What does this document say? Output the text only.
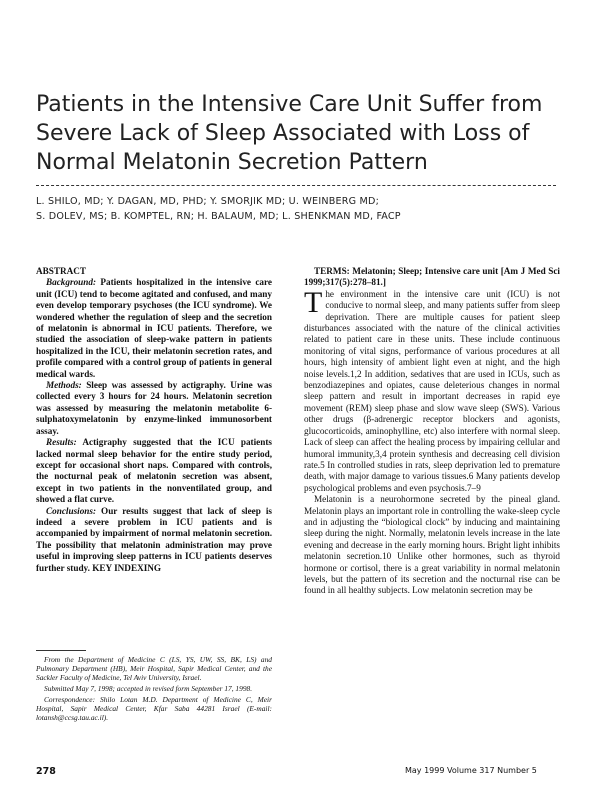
Patients in the Intensive Care Unit Suffer from Severe Lack of Sleep Associated with Loss of Normal Melatonin Secretion Pattern
L. SHILO, MD; Y. DAGAN, MD, PHD; Y. SMORJIK MD; U. WEINBERG MD;
S. DOLEV, MS; B. KOMPTEL, RN; H. BALAUM, MD; L. SHENKMAN MD, FACP

ABSTRACT

Background: Patients hospitalized in the intensive care unit (ICU) tend to become agitated and confused, and many even develop temporary psychoses (the ICU syndrome). We wondered whether the regulation of sleep and the secretion of melatonin is abnormal in ICU patients. Therefore, we studied the association of sleep-wake pattern in patients hospitalized in the ICU, their melatonin secretion rates, and profile compared with a control group of patients in general medical wards.

Methods: Sleep was assessed by actigraphy. Urine was collected every 3 hours for 24 hours. Melatonin secretion was assessed by measuring the melatonin metabolite 6-sulphatoxymelatonin by enzyme-linked immunosorbent assay.

Results: Actigraphy suggested that the ICU patients lacked normal sleep behavior for the entire study period, except for occasional short naps. Compared with controls, the nocturnal peak of melatonin secretion was absent, except in two patients in the nonventilated group, and showed a flat curve.

Conclusions: Our results suggest that lack of sleep is indeed a severe problem in ICU patients and is accompanied by impairment of normal melatonin secretion. The possibility that melatonin administration may prove useful in improving sleep patterns in ICU patients deserves further study. KEY INDEXING

TERMS: Melatonin; Sleep; Intensive care unit [Am J Med Sci 1999;317(5):278–81.]

The environment in the intensive care unit (ICU) is not conducive to normal sleep, and many patients suffer from sleep deprivation. There are multiple causes for patient sleep disturbances associated with the nature of the clinical activities related to patient care in these units. These include continuous monitoring of vital signs, performance of various procedures at all hours, high intensity of ambient light even at night, and the high noise levels.1,2 In addition, sedatives that are used in ICUs, such as benzodiazepines and opiates, cause deleterious changes in normal sleep pattern and result in important decreases in rapid eye movement (REM) sleep phase and slow wave sleep (SWS). Various other drugs (β-adrenergic receptor blockers and agonists, glucocorticoids, aminophylline, etc) also interfere with normal sleep. Lack of sleep can affect the healing process by impairing cellular and humoral immunity,3,4 protein synthesis and decreasing cell division rate.5 In controlled studies in rats, sleep deprivation led to premature death, with major damage to various tissues.6 Many patients develop psychological problems and even psychosis.7–9

Melatonin is a neurohormone secreted by the pineal gland. Melatonin plays an important role in controlling the wake-sleep cycle and in adjusting the “biological clock” by inducing and maintaining sleep during the night. Normally, melatonin levels increase in the late evening and decrease in the early morning hours. Bright light inhibits melatonin secretion.10 Unlike other hormones, such as thyroid hormone or cortisol, there is a great variability in normal melatonin levels, but the pattern of its secretion and the nocturnal rise can be found in all healthy subjects. Low melatonin secretion may be

From the Department of Medicine C (LS, YS, UW, SS, BK, LS) and Pulmonary Department (HB), Meir Hospital, Sapir Medical Center, and the Sackler Faculty of Medicine, Tel Aviv University, Israel.

Submitted May 7, 1998; accepted in revised form September 17, 1998.

Correspondence: Shilo Lotan M.D. Department of Medicine C, Meir Hospital, Sapir Medical Center, Kfar Saba 44281 Israel (E-mail: lotansh@ccsg.tau.ac.il).

278	May 1999 Volume 317 Number 5
